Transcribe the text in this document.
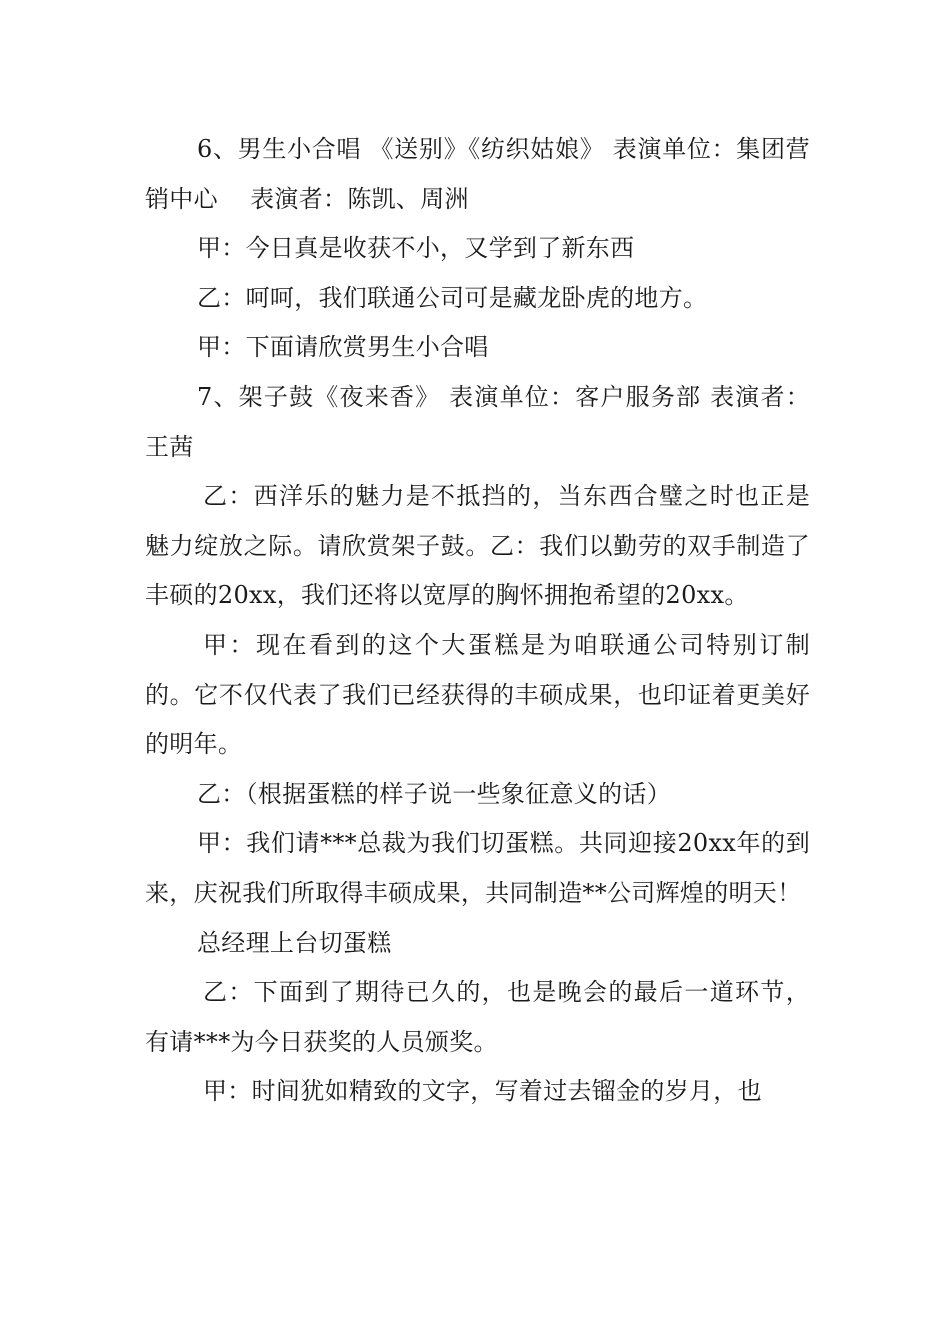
6、男生小合唱 《送别》《纺织姑娘》 表演单位：集团营销中心　 表演者：陈凯、周洲

甲：今日真是收获不小，又学到了新东西

乙：呵呵，我们联通公司可是藏龙卧虎的地方。

甲：下面请欣赏男生小合唱

7、架子鼓《夜来香》 表演单位：客户服务部 表演者：王茜

乙：西洋乐的魅力是不抵挡的，当东西合璧之时也正是魅力绽放之际。请欣赏架子鼓。乙：我们以勤劳的双手制造了丰硕的20xx，我们还将以宽厚的胸怀拥抱希望的20xx。

甲：现在看到的这个大蛋糕是为咱联通公司特别订制的。它不仅代表了我们已经获得的丰硕成果，也印证着更美好的明年。

乙：（根据蛋糕的样子说一些象征意义的话）

甲：我们请***总裁为我们切蛋糕。共同迎接20xx年的到来，庆祝我们所取得丰硕成果，共同制造**公司辉煌的明天！

总经理上台切蛋糕

乙：下面到了期待已久的，也是晚会的最后一道环节，有请***为今日获奖的人员颁奖。

甲：时间犹如精致的文字，写着过去镏金的岁月，也
